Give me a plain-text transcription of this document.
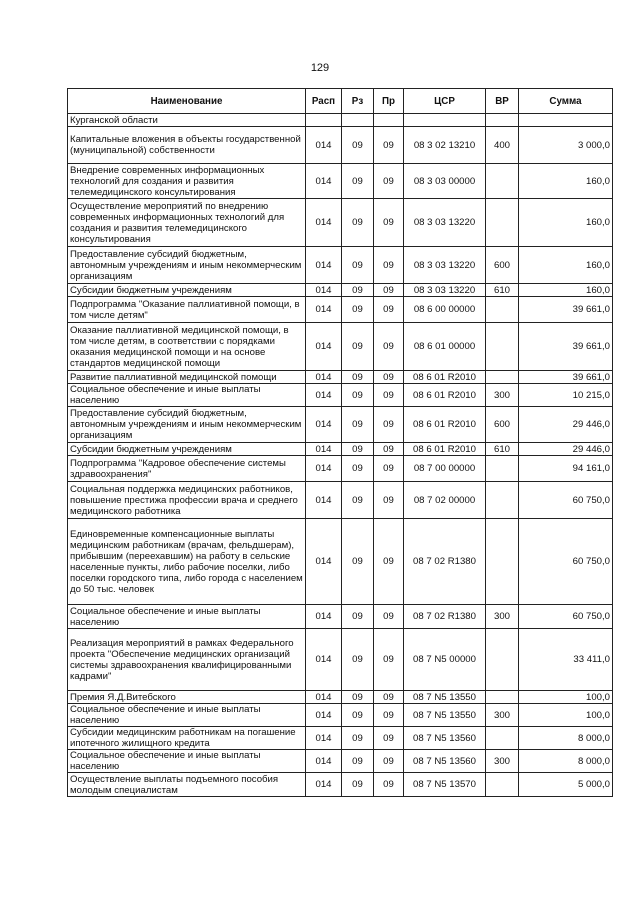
129
Наименование	Расп	Рз	Пр	ЦСР	ВР	Сумма
Курганской области						
Капитальные вложения в объекты государственной (муниципальной) собственности	014	09	09	08 3 02 13210	400	3 000,0
Внедрение современных информационных технологий для создания и развития телемедицинского консультирования	014	09	09	08 3 03 00000		160,0
Осуществление мероприятий по внедрению современных информационных технологий для создания и развития телемедицинского консультирования	014	09	09	08 3 03 13220		160,0
Предоставление субсидий бюджетным, автономным учреждениям и иным некоммерческим организациям	014	09	09	08 3 03 13220	600	160,0
Субсидии бюджетным учреждениям	014	09	09	08 3 03 13220	610	160,0
Подпрограмма "Оказание паллиативной помощи, в том числе детям"	014	09	09	08 6 00 00000		39 661,0
Оказание паллиативной медицинской помощи, в том числе детям, в соответствии с порядками оказания медицинской помощи и на основе стандартов медицинской помощи	014	09	09	08 6 01 00000		39 661,0
Развитие паллиативной медицинской помощи	014	09	09	08 6 01 R2010		39 661,0
Социальное обеспечение и иные выплаты населению	014	09	09	08 6 01 R2010	300	10 215,0
Предоставление субсидий бюджетным, автономным учреждениям и иным некоммерческим организациям	014	09	09	08 6 01 R2010	600	29 446,0
Субсидии бюджетным учреждениям	014	09	09	08 6 01 R2010	610	29 446,0
Подпрограмма "Кадровое обеспечение системы здравоохранения"	014	09	09	08 7 00 00000		94 161,0
Социальная поддержка медицинских работников, повышение престижа профессии врача и среднего медицинского работника	014	09	09	08 7 02 00000		60 750,0
Единовременные компенсационные выплаты медицинским работникам (врачам, фельдшерам), прибывшим (переехавшим) на работу в сельские населенные пункты, либо рабочие поселки, либо поселки городского типа, либо города с населением до 50 тыс. человек	014	09	09	08 7 02 R1380		60 750,0
Социальное обеспечение и иные выплаты населению	014	09	09	08 7 02 R1380	300	60 750,0
Реализация мероприятий в рамках Федерального проекта "Обеспечение медицинских организаций системы здравоохранения квалифицированными кадрами"	014	09	09	08 7 N5 00000		33 411,0
Премия Я.Д.Витебского	014	09	09	08 7 N5 13550		100,0
Социальное обеспечение и иные выплаты населению	014	09	09	08 7 N5 13550	300	100,0
Субсидии медицинским работникам на погашение ипотечного жилищного кредита	014	09	09	08 7 N5 13560		8 000,0
Социальное обеспечение и иные выплаты населению	014	09	09	08 7 N5 13560	300	8 000,0
Осуществление выплаты подъемного пособия молодым специалистам	014	09	09	08 7 N5 13570		5 000,0
